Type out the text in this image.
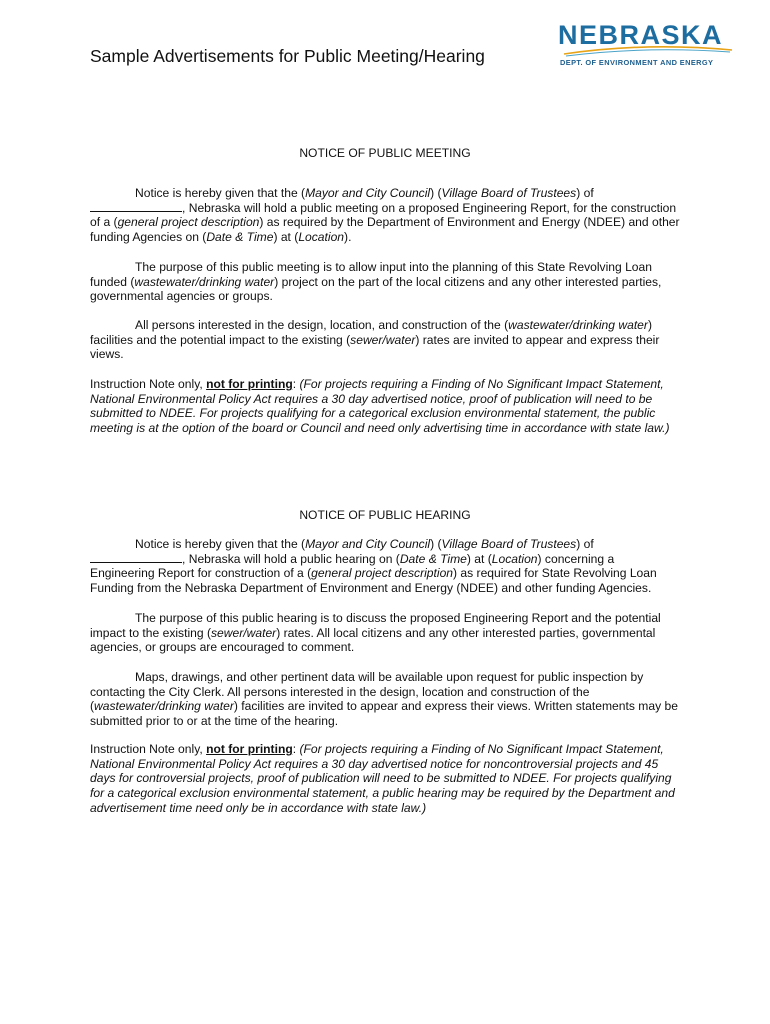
Sample Advertisements for Public Meeting/Hearing
NEBRASKA
DEPT. OF ENVIRONMENT AND ENERGY
NOTICE OF PUBLIC MEETING
Notice is hereby given that the (Mayor and City Council) (Village Board of Trustees) of
, Nebraska will hold a public meeting on a proposed Engineering Report, for the construction of a (general project description) as required by the Department of Environment and Energy (NDEE) and other funding Agencies on (Date & Time) at (Location).
The purpose of this public meeting is to allow input into the planning of this State Revolving Loan funded (wastewater/drinking water) project on the part of the local citizens and any other interested parties, governmental agencies or groups.
All persons interested in the design, location, and construction of the (wastewater/drinking water) facilities and the potential impact to the existing (sewer/water) rates are invited to appear and express their views.
Instruction Note only, not for printing: (For projects requiring a Finding of No Significant Impact Statement, National Environmental Policy Act requires a 30 day advertised notice, proof of publication will need to be submitted to NDEE. For projects qualifying for a categorical exclusion environmental statement, the public meeting is at the option of the board or Council and need only advertising time in accordance with state law.)
NOTICE OF PUBLIC HEARING
Notice is hereby given that the (Mayor and City Council) (Village Board of Trustees) of
, Nebraska will hold a public hearing on (Date & Time) at (Location) concerning a Engineering Report for construction of a (general project description) as required for State Revolving Loan Funding from the Nebraska Department of Environment and Energy (NDEE) and other funding Agencies.
The purpose of this public hearing is to discuss the proposed Engineering Report and the potential impact to the existing (sewer/water) rates. All local citizens and any other interested parties, governmental agencies, or groups are encouraged to comment.
Maps, drawings, and other pertinent data will be available upon request for public inspection by contacting the City Clerk. All persons interested in the design, location and construction of the (wastewater/drinking water) facilities are invited to appear and express their views. Written statements may be submitted prior to or at the time of the hearing.
Instruction Note only, not for printing: (For projects requiring a Finding of No Significant Impact Statement, National Environmental Policy Act requires a 30 day advertised notice for noncontroversial projects and 45 days for controversial projects, proof of publication will need to be submitted to NDEE. For projects qualifying for a categorical exclusion environmental statement, a public hearing may be required by the Department and advertisement time need only be in accordance with state law.)
